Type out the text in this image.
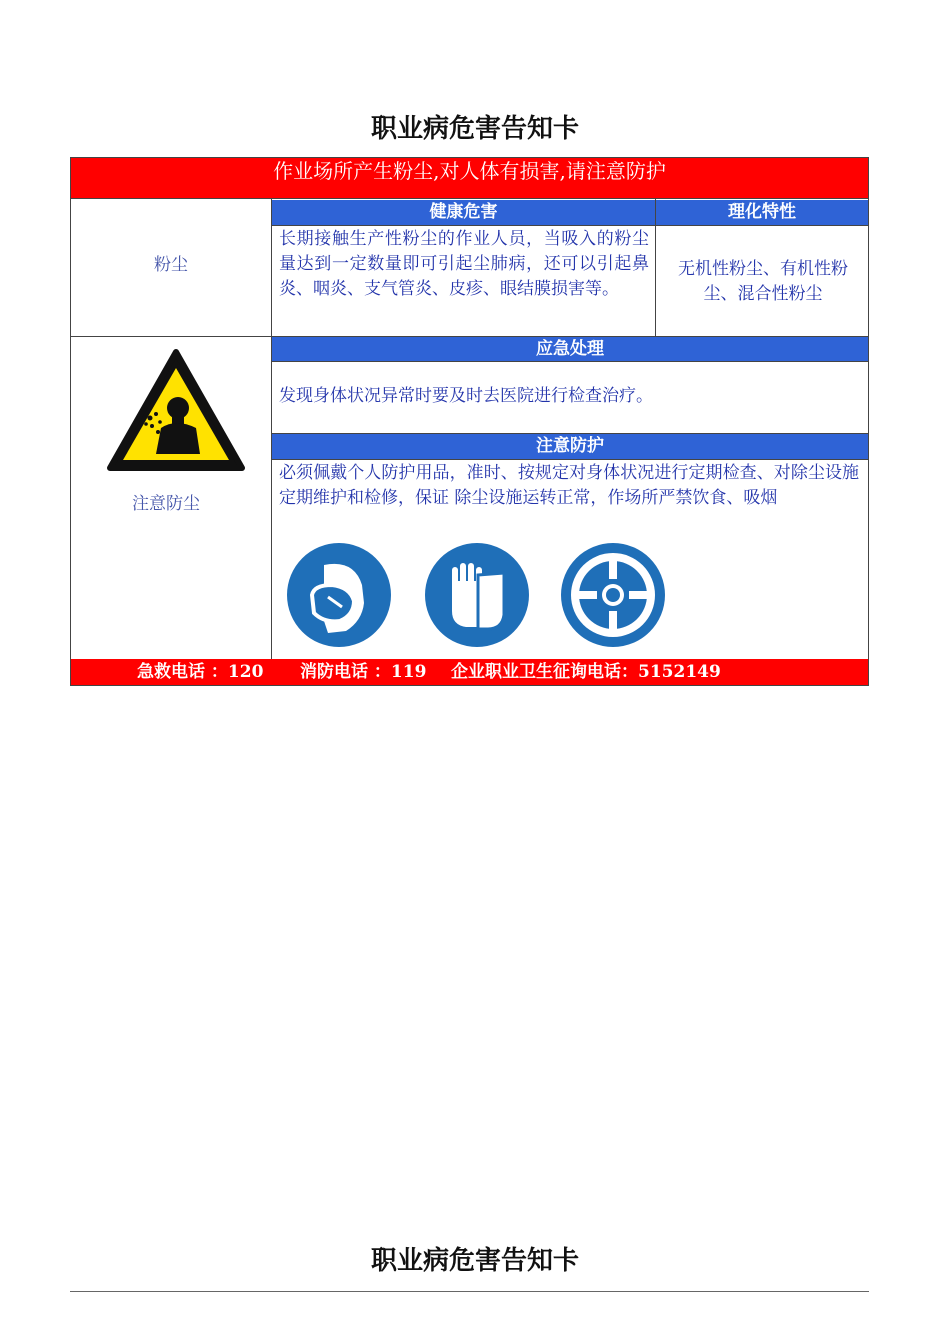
职业病危害告知卡
作业场所产生粉尘,对人体有损害,请注意防护
粉尘
健康危害
长期接触生产性粉尘的作业人员，当吸入的粉尘量达到一定数量即可引起尘肺病，还可以引起鼻炎、咽炎、支气管炎、皮疹、眼结膜损害等。
理化特性
无机性粉尘、有机性粉尘、混合性粉尘
注意防尘
应急处理
发现身体状况异常时要及时去医院进行检查治疗。
注意防护
必须佩戴个人防护用品，准时、按规定对身体状况进行定期检查、对除尘设施定期维护和检修，保证 除尘设施运转正常，作场所严禁饮食、吸烟
急救电话 ：120 消防电话 ：119 企业职业卫生征询电话：5152149
职业病危害告知卡
